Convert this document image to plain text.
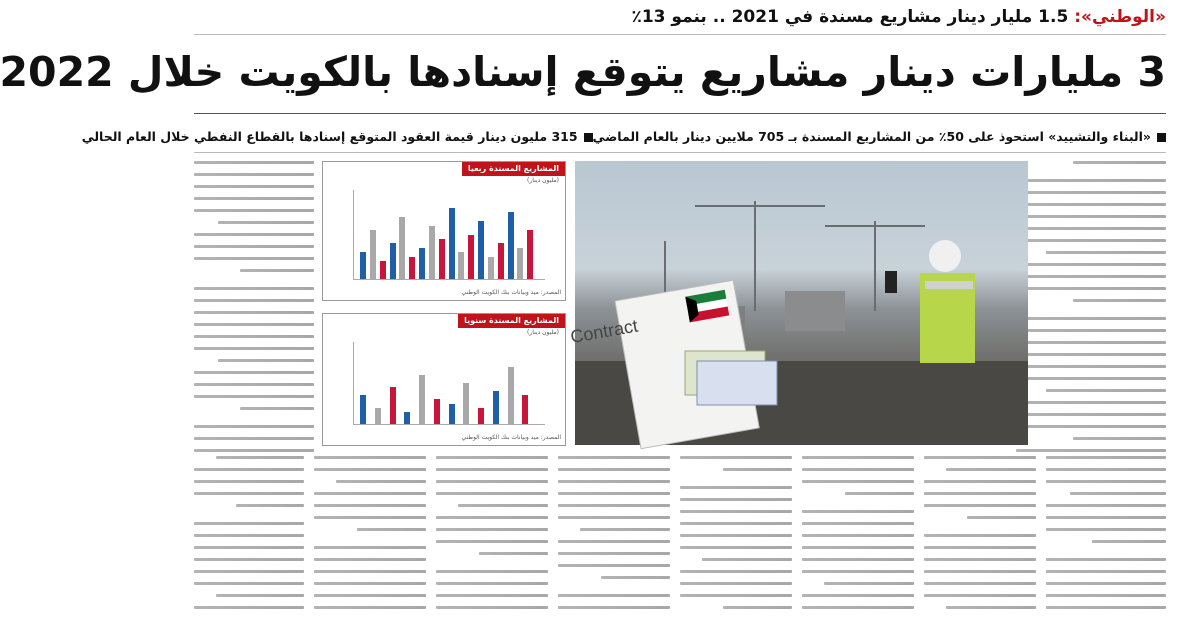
«الوطني»: 1.5 مليار دينار مشاريع مسندة في 2021 .. بنمو 13٪
3 مليارات دينار مشاريع يتوقع إسنادها بالكويت خلال 2022
«البناء والتشييد» استحوذ على 50٪ من المشاريع المسندة بـ 705 ملايين دينار بالعام الماضي
315 مليون دينار قيمة العقود المتوقع إسنادها بالقطاع النفطي خلال العام الحالي
Contract
المشاريع المسندة ربعيا
(مليون دينار)
المصدر: ميد وبيانات بنك الكويت الوطني
المشاريع المسندة سنويا
(مليون دينار)
المصدر: ميد وبيانات بنك الكويت الوطني
